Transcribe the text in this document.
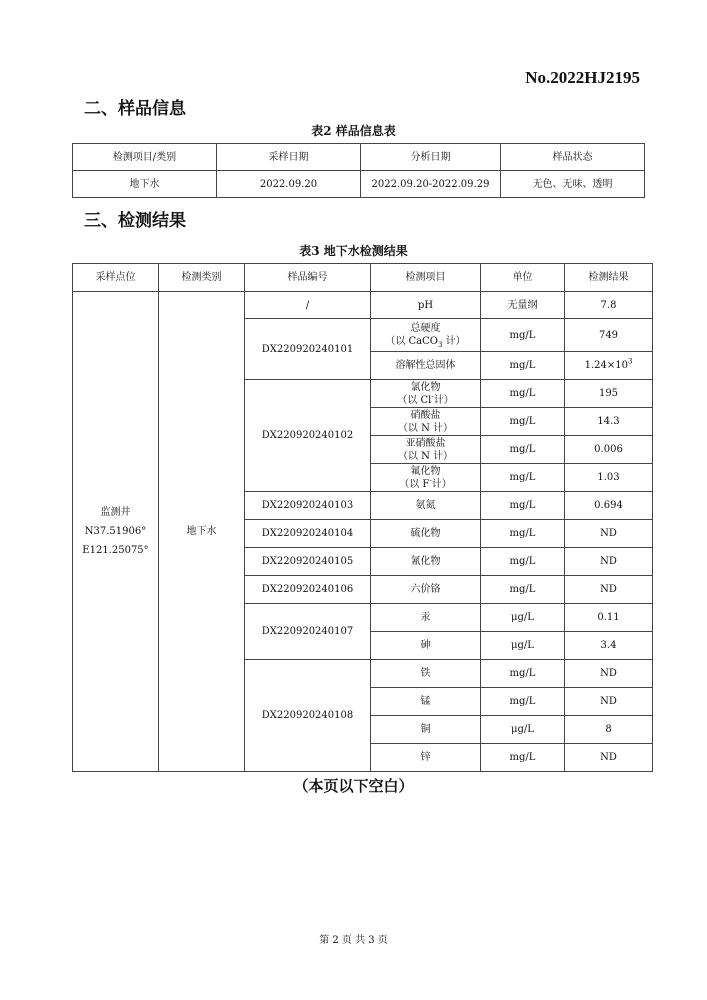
No.2022HJ2195
二、样品信息
表2 样品信息表
检测项目/类别	采样日期	分析日期	样品状态
地下水	2022.09.20	2022.09.20-2022.09.29	无色、无味、透明
三、检测结果
表3 地下水检测结果
采样点位	检测类别	样品编号	检测项目	单位	检测结果

监测井
N37.51906°
E121.25075°	地下水	/	pH	无量纲	7.8
		DX220920240101	总硬度
（以 CaCO$_3$ 计）	mg/L	749
			溶解性总固体	mg/L	$1.24\times 10^3$
		DX220920240102	氯化物
（以 Cl-计）	mg/L	195

			硝酸盐
（以 N 计）	mg/L	14.3

			亚硝酸盐
（以 N 计）	mg/L	0.006

			氟化物
（以 F-计）	mg/L	1.03
		DX220920240103	氨氮	mg/L	0.694
		DX220920240104	硫化物	mg/L	ND
		DX220920240105	氰化物	mg/L	ND
		DX220920240106	六价铬	mg/L	ND
		DX220920240107	汞	μg/L	0.11
			砷	μg/L	3.4
		DX220920240108	铁	mg/L	ND
			锰	mg/L	ND
			铜	μg/L	8
			锌	mg/L	ND
（本页以下空白）
第 2 页 共 3 页
